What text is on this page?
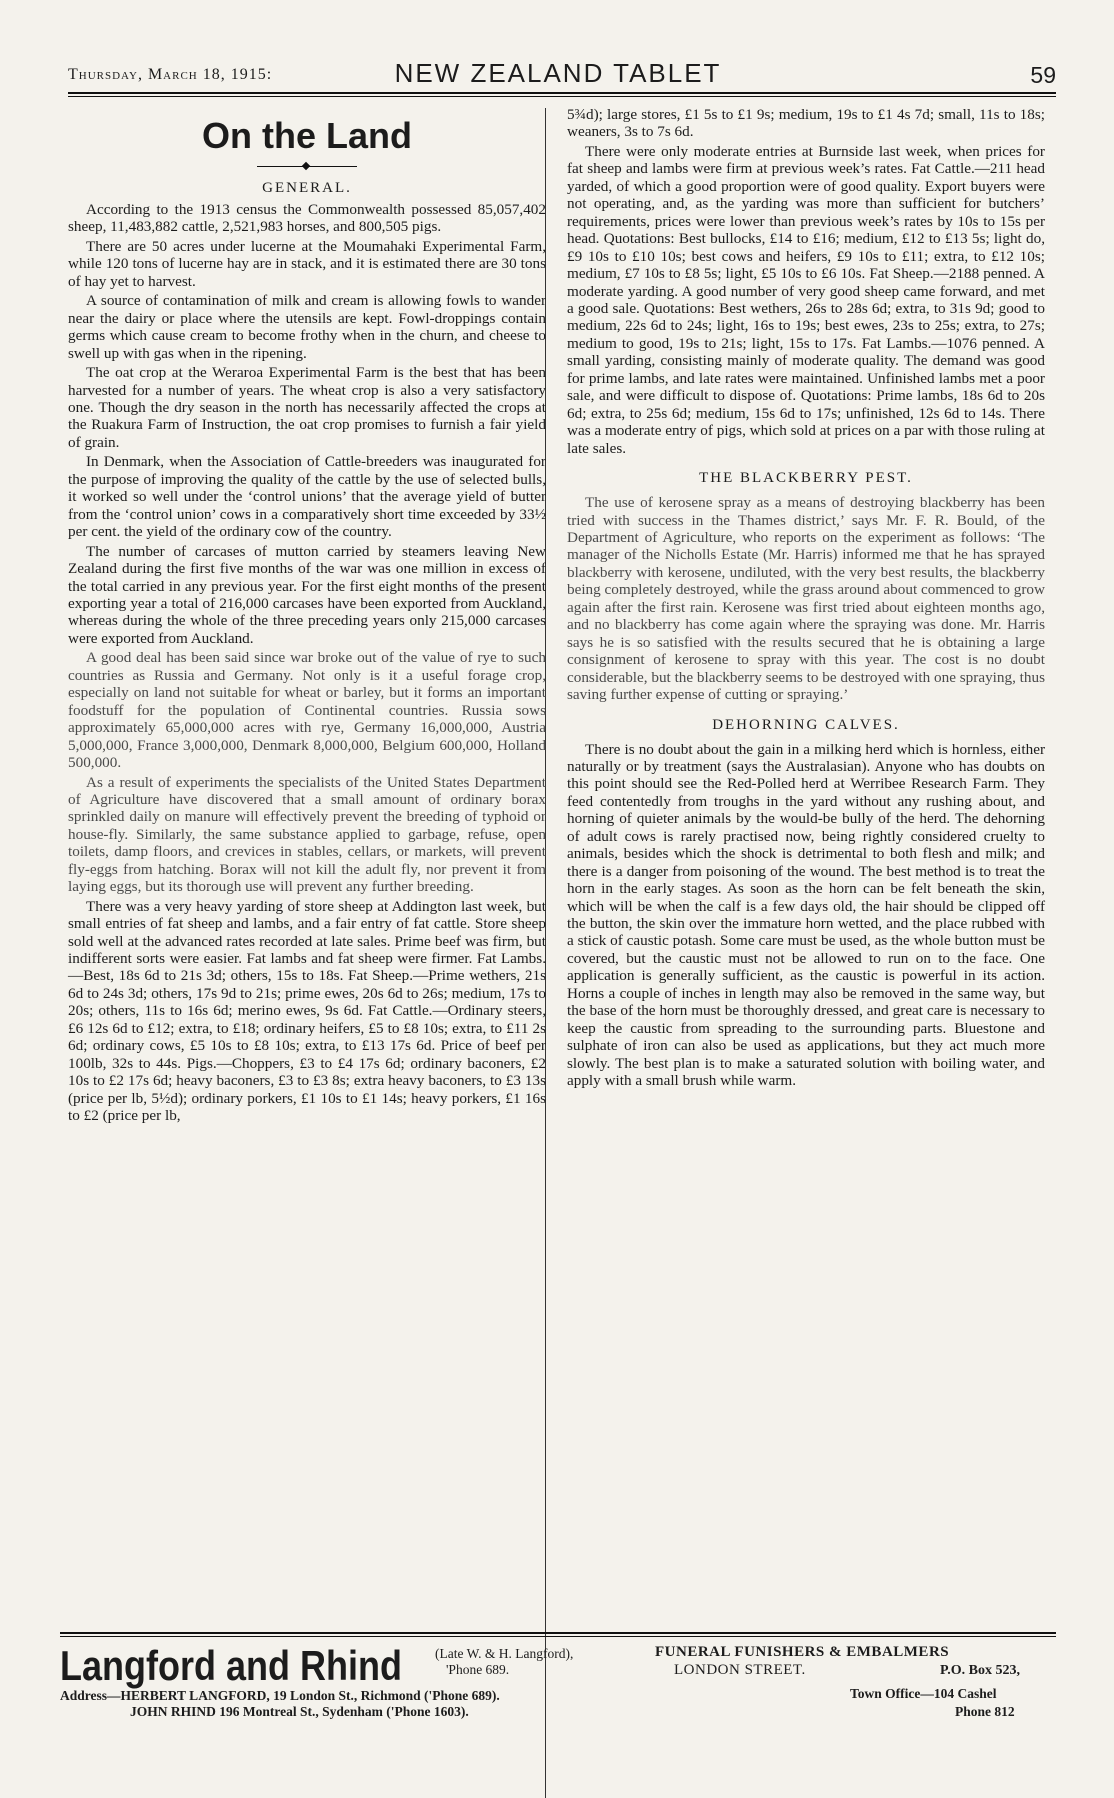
Thursday, March 18, 1915:	NEW ZEALAND TABLET	59
On the Land
GENERAL.

According to the 1913 census the Commonwealth possessed 85,057,402 sheep, 11,483,882 cattle, 2,521,983 horses, and 800,505 pigs.

There are 50 acres under lucerne at the Moumahaki Experimental Farm, while 120 tons of lucerne hay are in stack, and it is estimated there are 30 tons of hay yet to harvest.

A source of contamination of milk and cream is allowing fowls to wander near the dairy or place where the utensils are kept. Fowl-droppings contain germs which cause cream to become frothy when in the churn, and cheese to swell up with gas when in the ripening.

The oat crop at the Weraroa Experimental Farm is the best that has been harvested for a number of years. The wheat crop is also a very satisfactory one. Though the dry season in the north has necessarily affected the crops at the Ruakura Farm of Instruction, the oat crop promises to furnish a fair yield of grain.

In Denmark, when the Association of Cattle-breeders was inaugurated for the purpose of improving the quality of the cattle by the use of selected bulls, it worked so well under the ‘control unions’ that the average yield of butter from the ‘control union’ cows in a comparatively short time exceeded by 33½ per cent. the yield of the ordinary cow of the country.

The number of carcases of mutton carried by steamers leaving New Zealand during the first five months of the war was one million in excess of the total carried in any previous year. For the first eight months of the present exporting year a total of 216,000 carcases have been exported from Auckland, whereas during the whole of the three preceding years only 215,000 carcases were exported from Auckland.

A good deal has been said since war broke out of the value of rye to such countries as Russia and Germany. Not only is it a useful forage crop, especially on land not suitable for wheat or barley, but it forms an important foodstuff for the population of Continental countries. Russia sows approximately 65,000,000 acres with rye, Germany 16,000,000, Austria 5,000,000, France 3,000,000, Denmark 8,000,000, Belgium 600,000, Holland 500,000.

As a result of experiments the specialists of the United States Department of Agriculture have discovered that a small amount of ordinary borax sprinkled daily on manure will effectively prevent the breeding of typhoid or house-fly. Similarly, the same substance applied to garbage, refuse, open toilets, damp floors, and crevices in stables, cellars, or markets, will prevent fly-eggs from hatching. Borax will not kill the adult fly, nor prevent it from laying eggs, but its thorough use will prevent any further breeding.

There was a very heavy yarding of store sheep at Addington last week, but small entries of fat sheep and lambs, and a fair entry of fat cattle. Store sheep sold well at the advanced rates recorded at late sales. Prime beef was firm, but indifferent sorts were easier. Fat lambs and fat sheep were firmer. Fat Lambs.—Best, 18s 6d to 21s 3d; others, 15s to 18s. Fat Sheep.—Prime wethers, 21s 6d to 24s 3d; others, 17s 9d to 21s; prime ewes, 20s 6d to 26s; medium, 17s to 20s; others, 11s to 16s 6d; merino ewes, 9s 6d. Fat Cattle.—Ordinary steers, £6 12s 6d to £12; extra, to £18; ordinary heifers, £5 to £8 10s; extra, to £11 2s 6d; ordinary cows, £5 10s to £8 10s; extra, to £13 17s 6d. Price of beef per 100lb, 32s to 44s. Pigs.—Choppers, £3 to £4 17s 6d; ordinary baconers, £2 10s to £2 17s 6d; heavy baconers, £3 to £3 8s; extra heavy baconers, to £3 13s (price per lb, 5½d); ordinary porkers, £1 10s to £1 14s; heavy porkers, £1 16s to £2 (price per lb,

5¾d); large stores, £1 5s to £1 9s; medium, 19s to £1 4s 7d; small, 11s to 18s; weaners, 3s to 7s 6d.

There were only moderate entries at Burnside last week, when prices for fat sheep and lambs were firm at previous week’s rates. Fat Cattle.—211 head yarded, of which a good proportion were of good quality. Export buyers were not operating, and, as the yarding was more than sufficient for butchers’ requirements, prices were lower than previous week’s rates by 10s to 15s per head. Quotations: Best bullocks, £14 to £16; medium, £12 to £13 5s; light do, £9 10s to £10 10s; best cows and heifers, £9 10s to £11; extra, to £12 10s; medium, £7 10s to £8 5s; light, £5 10s to £6 10s. Fat Sheep.—2188 penned. A moderate yarding. A good number of very good sheep came forward, and met a good sale. Quotations: Best wethers, 26s to 28s 6d; extra, to 31s 9d; good to medium, 22s 6d to 24s; light, 16s to 19s; best ewes, 23s to 25s; extra, to 27s; medium to good, 19s to 21s; light, 15s to 17s. Fat Lambs.—1076 penned. A small yarding, consisting mainly of moderate quality. The demand was good for prime lambs, and late rates were maintained. Unfinished lambs met a poor sale, and were difficult to dispose of. Quotations: Prime lambs, 18s 6d to 20s 6d; extra, to 25s 6d; medium, 15s 6d to 17s; unfinished, 12s 6d to 14s. There was a moderate entry of pigs, which sold at prices on a par with those ruling at late sales.

THE BLACKBERRY PEST.

The use of kerosene spray as a means of destroying blackberry has been tried with success in the Thames district,’ says Mr. F. R. Bould, of the Department of Agriculture, who reports on the experiment as follows: ‘The manager of the Nicholls Estate (Mr. Harris) informed me that he has sprayed blackberry with kerosene, undiluted, with the very best results, the blackberry being completely destroyed, while the grass around about commenced to grow again after the first rain. Kerosene was first tried about eighteen months ago, and no blackberry has come again where the spraying was done. Mr. Harris says he is so satisfied with the results secured that he is obtaining a large consignment of kerosene to spray with this year. The cost is no doubt considerable, but the blackberry seems to be destroyed with one spraying, thus saving further expense of cutting or spraying.’

DEHORNING CALVES.

There is no doubt about the gain in a milking herd which is hornless, either naturally or by treatment (says the Australasian). Anyone who has doubts on this point should see the Red-Polled herd at Werribee Research Farm. They feed contentedly from troughs in the yard without any rushing about, and horning of quieter animals by the would-be bully of the herd. The dehorning of adult cows is rarely practised now, being rightly considered cruelty to animals, besides which the shock is detrimental to both flesh and milk; and there is a danger from poisoning of the wound. The best method is to treat the horn in the early stages. As soon as the horn can be felt beneath the skin, which will be when the calf is a few days old, the hair should be clipped off the button, the skin over the immature horn wetted, and the place rubbed with a stick of caustic potash. Some care must be used, as the whole button must be covered, but the caustic must not be allowed to run on to the face. One application is generally sufficient, as the caustic is powerful in its action. Horns a couple of inches in length may also be removed in the same way, but the base of the horn must be thoroughly dressed, and great care is necessary to keep the caustic from spreading to the surrounding parts. Bluestone and sulphate of iron can also be used as applications, but they act much more slowly. The best plan is to make a saturated solution with boiling water, and apply with a small brush while warm.

Langford and Rhind (Late W. & H. Langford),
'Phone 689.
FUNERAL FUNISHERS & EMBALMERS
LONDON STREET.	P.O. Box 523,
Address—HERBERT LANGFORD, 19 London St., Richmond ('Phone 689).
JOHN RHIND 196 Montreal St., Sydenham ('Phone 1603).
Town Office—104 Cashel
Phone 812
